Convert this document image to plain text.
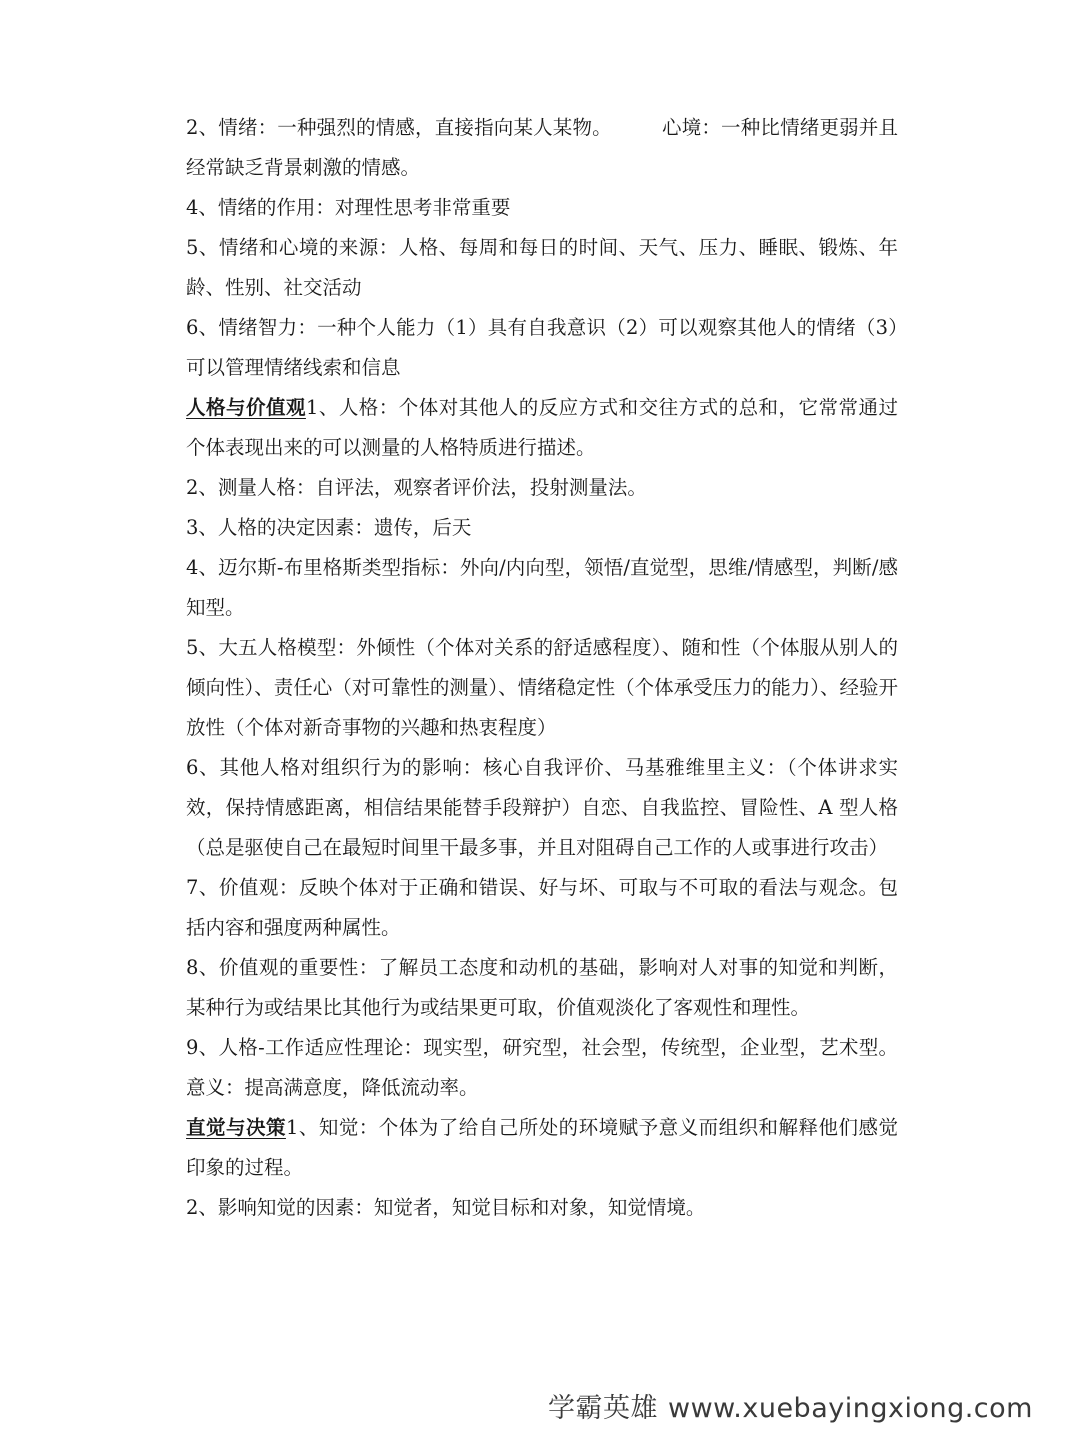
2、情绪：一种强烈的情感，直接指向某人某物。	心境：一种比情绪更弱并且经常缺乏背景刺激的情感。

4、情绪的作用：对理性思考非常重要

5、情绪和心境的来源：人格、每周和每日的时间、天气、压力、睡眠、锻炼、年龄、性别、社交活动

6、情绪智力：一种个人能力（1）具有自我意识（2）可以观察其他人的情绪（3）可以管理情绪线索和信息

人格与价值观1、人格：个体对其他人的反应方式和交往方式的总和，它常常通过个体表现出来的可以测量的人格特质进行描述。

2、测量人格：自评法，观察者评价法，投射测量法。

3、人格的决定因素：遗传，后天

4、迈尔斯-布里格斯类型指标：外向/内向型，领悟/直觉型，思维/情感型，判断/感知型。

5、大五人格模型：外倾性（个体对关系的舒适感程度）、随和性（个体服从别人的倾向性）、责任心（对可靠性的测量）、情绪稳定性（个体承受压力的能力）、经验开放性（个体对新奇事物的兴趣和热衷程度）

6、其他人格对组织行为的影响：核心自我评价、马基雅维里主义：（个体讲求实效，保持情感距离，相信结果能替手段辩护）自恋、自我监控、冒险性、A 型人格（总是驱使自己在最短时间里干最多事，并且对阻碍自己工作的人或事进行攻击）

7、价值观：反映个体对于正确和错误、好与坏、可取与不可取的看法与观念。包括内容和强度两种属性。

8、价值观的重要性：了解员工态度和动机的基础，影响对人对事的知觉和判断，某种行为或结果比其他行为或结果更可取，价值观淡化了客观性和理性。

9、人格-工作适应性理论：现实型，研究型，社会型，传统型，企业型，艺术型。意义：提高满意度，降低流动率。

直觉与决策1、知觉：个体为了给自己所处的环境赋予意义而组织和解释他们感觉印象的过程。

2、影响知觉的因素：知觉者，知觉目标和对象，知觉情境。

学霸英雄 www.xuebayingxiong.com
